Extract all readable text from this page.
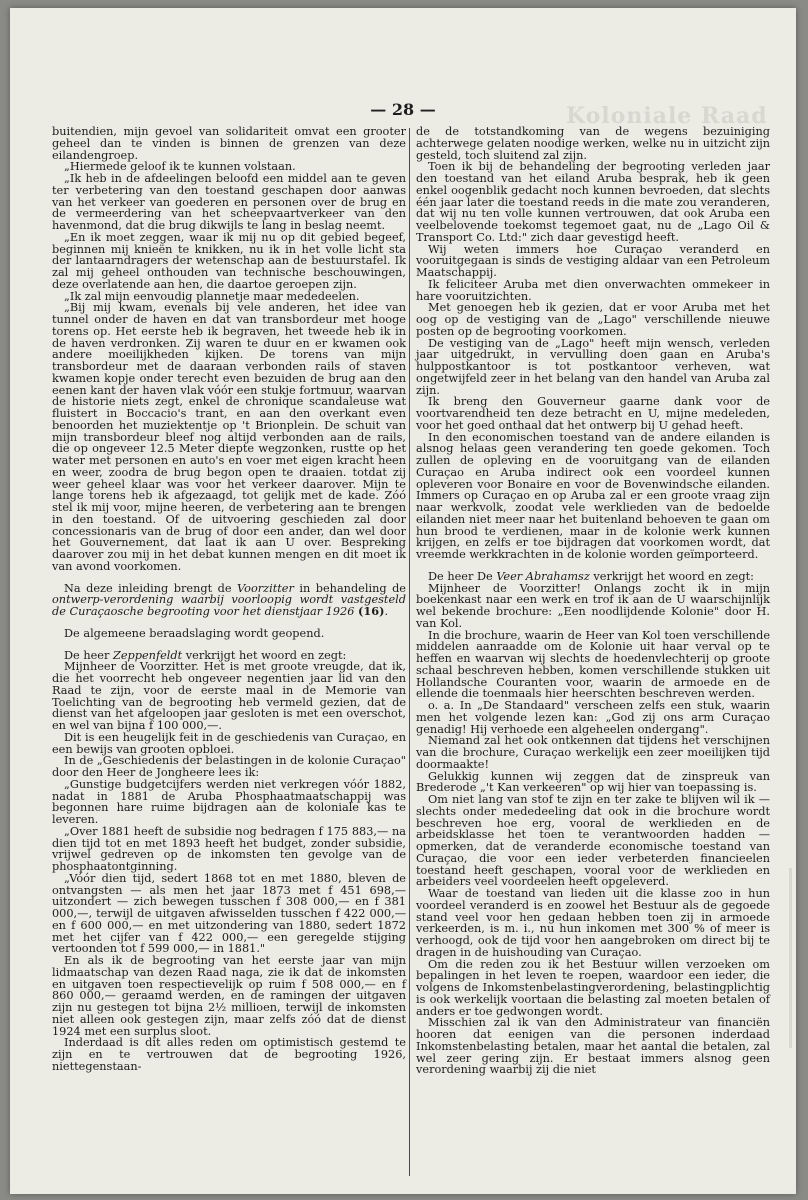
Koloniale Raad
— 28 —

buitendien, mijn gevoel van solidariteit omvat een grooter geheel dan te vinden is binnen de grenzen van deze eilandengroep.

„Hiermede geloof ik te kunnen volstaan.

„Ik heb in de afdeelingen beloofd een middel aan te geven ter verbetering van den toestand geschapen door aanwas van het verkeer van goederen en personen over de brug en de vermeerdering van het scheepvaartverkeer van den havenmond, dat die brug dikwijls te lang in beslag neemt.

„En ik moet zeggen, waar ik mij nu op dit gebied begeef, beginnen mij knieën te knikken, nu ik in het volle licht sta der lantaarndragers der wetenschap aan de bestuurstafel. Ik zal mij geheel onthouden van technische beschouwingen, deze overlatende aan hen, die daartoe geroepen zijn.

„Ik zal mijn eenvoudig plannetje maar mededeelen.

„Bij mij kwam, evenals bij vele anderen, het idee van tunnel onder de haven en dat van transbordeur met hooge torens op. Het eerste heb ik begraven, het tweede heb ik in de haven verdronken. Zij waren te duur en er kwamen ook andere moeilijkheden kijken. De torens van mijn transbordeur met de daaraan verbonden rails of staven kwamen kopje onder terecht even bezuiden de brug aan den eenen kant der haven vlak vóór een stukje fortmuur, waarvan de historie niets zegt, enkel de chronique scandaleuse wat fluistert in Boccacio's trant, en aan den overkant even benoorden het muziektentje op 't Brionplein. De schuit van mijn transbordeur bleef nog altijd verbonden aan de rails, die op ongeveer 12.5 Meter diepte wegzonken, rustte op het water met personen en auto's en voer met eigen kracht heen en weer, zoodra de brug begon open te draaien. totdat zij weer geheel klaar was voor het verkeer daarover. Mijn te lange torens heb ik afgezaagd, tot gelijk met de kade. Zóó stel ik mij voor, mijne heeren, de verbetering aan te brengen in den toestand. Of de uitvoering geschieden zal door concessionaris van de brug of door een ander, dan wel door het Gouvernement, dat laat ik aan U over. Bespreking daarover zou mij in het debat kunnen mengen en dit moet ik van avond voorkomen.

Na deze inleiding brengt de Voorzitter in behandeling de ontwerp-verordening waarbij voorloopig wordt vastgesteld de Curaçaosche begrooting voor het dienstjaar 1926 (16).

De algemeene beraadslaging wordt geopend.

De heer Zeppenfeldt verkrijgt het woord en zegt:

Mijnheer de Voorzitter. Het is met groote vreugde, dat ik, die het voorrecht heb ongeveer negentien jaar lid van den Raad te zijn, voor de eerste maal in de Memorie van Toelichting van de begrooting heb vermeld gezien, dat de dienst van het afgeloopen jaar gesloten is met een overschot, en wel van bijna f 100 000,—.

Dit is een heugelijk feit in de geschiedenis van Curaçao, en een bewijs van grooten opbloei.

In de „Geschiedenis der belastingen in de kolonie Curaçao" door den Heer de Jongheere lees ik:

„Gunstige budgetcijfers werden niet verkregen vóór 1882, nadat in 1881 de Aruba Phosphaatmaatschappij was begonnen hare ruime bijdragen aan de koloniale kas te leveren.

„Over 1881 heeft de subsidie nog bedragen f 175 883,— na dien tijd tot en met 1893 heeft het budget, zonder subsidie, vrijwel gedreven op de inkomsten ten gevolge van de phosphaatontginning.

„Vóór dien tijd, sedert 1868 tot en met 1880, bleven de ontvangsten — als men het jaar 1873 met f 451 698,— uitzondert — zich bewegen tusschen f 308 000,— en f 381 000,—, terwijl de uitgaven afwisselden tusschen f 422 000,— en f 600 000,— en met uitzondering van 1880, sedert 1872 met het cijfer van f 422 000,— een geregelde stijging vertoonden tot f 599 000,— in 1881."

En als ik de begrooting van het eerste jaar van mijn lidmaatschap van dezen Raad naga, zie ik dat de inkomsten en uitgaven toen respectievelijk op ruim f 508 000,— en f 860 000,— geraamd werden, en de ramingen der uitgaven zijn nu gestegen tot bijna 2½ millioen, terwijl de inkomsten niet alleen ook gestegen zijn, maar zelfs zóó dat de dienst 1924 met een surplus sloot.

Inderdaad is dit alles reden om optimistisch gestemd te zijn en te vertrouwen dat de begrooting 1926, niettegenstaan-

de de totstandkoming van de wegens bezuiniging achterwege gelaten noodige werken, welke nu in uitzicht zijn gesteld, toch sluitend zal zijn.

Toen ik bij de behandeling der begrooting verleden jaar den toestand van het eiland Aruba besprak, heb ik geen enkel oogenblik gedacht noch kunnen bevroeden, dat slechts één jaar later die toestand reeds in die mate zou veranderen, dat wij nu ten volle kunnen vertrouwen, dat ook Aruba een veelbelovende toekomst tegemoet gaat, nu de „Lago Oil & Transport Co. Ltd:" zich daar gevestigd heeft.

Wij weten immers hoe Curaçao veranderd en vooruitgegaan is sinds de vestiging aldaar van een Petroleum Maatschappij.

Ik feliciteer Aruba met dien onverwachten ommekeer in hare vooruitzichten.

Met genoegen heb ik gezien, dat er voor Aruba met het oog op de vestiging van de „Lago" verschillende nieuwe posten op de begrooting voorkomen.

De vestiging van de „Lago" heeft mijn wensch, verleden jaar uitgedrukt, in vervulling doen gaan en Aruba's hulppostkantoor is tot postkantoor verheven, wat ongetwijfeld zeer in het belang van den handel van Aruba zal zijn.

Ik breng den Gouverneur gaarne dank voor de voortvarendheid ten deze betracht en U, mijne medeleden, voor het goed onthaal dat het ontwerp bij U gehad heeft.

In den economischen toestand van de andere eilanden is alsnog helaas geen verandering ten goede gekomen. Toch zullen de opleving en de vooruitgang van de eilanden Curaçao en Aruba indirect ook een voordeel kunnen opleveren voor Bonaire en voor de Bovenwindsche eilanden. Immers op Curaçao en op Aruba zal er een groote vraag zijn naar werkvolk, zoodat vele werklieden van de bedoelde eilanden niet meer naar het buitenland behoeven te gaan om hun brood te verdienen, maar in de kolonie werk kunnen krijgen, en zelfs er toe bijdragen dat voorkomen wordt, dat vreemde werkkrachten in de kolonie worden geïmporteerd.

De heer De Veer Abrahamsz verkrijgt het woord en zegt:

Mijnheer de Voorzitter! Onlangs zocht ik in mijn boekenkast naar een werk en trof ik aan de U waarschijnlijk wel bekende brochure: „Een noodlijdende Kolonie" door H. van Kol.

In die brochure, waarin de Heer van Kol toen verschillende middelen aanraadde om de Kolonie uit haar verval op te heffen en waarvan wij slechts de hoedenvlechterij op groote schaal beschreven hebben, komen verschillende stukken uit Hollandsche Couranten voor, waarin de armoede en de ellende die toenmaals hier heerschten beschreven werden.

o. a. In „De Standaard" verscheen zelfs een stuk, waarin men het volgende lezen kan: „God zij ons arm Curaçao genadig! Hij verhoede een algeheelen ondergang".

Niemand zal het ook ontkennen dat tijdens het verschijnen van die brochure, Curaçao werkelijk een zeer moeilijken tijd doormaakte!

Gelukkig kunnen wij zeggen dat de zinspreuk van Brederode „'t Kan verkeeren" op wij hier van toepassing is.

Om niet lang van stof te zijn en ter zake te blijven wil ik — slechts onder mededeeling dat ook in die brochure wordt beschreven hoe erg, vooral de werklieden en de arbeidsklasse het toen te verantwoorden hadden — opmerken, dat de veranderde economische toestand van Curaçao, die voor een ieder verbeterden financieelen toestand heeft geschapen, vooral voor de werklieden en arbeiders veel voordeelen heeft opgeleverd.

Waar de toestand van lieden uit die klasse zoo in hun voordeel veranderd is en zoowel het Bestuur als de gegoede stand veel voor hen gedaan hebben toen zij in armoede verkeerden, is m. i., nu hun inkomen met 300 % of meer is verhoogd, ook de tijd voor hen aangebroken om direct bij te dragen in de huishouding van Curaçao.

Om die reden zou ik het Bestuur willen verzoeken om bepalingen in het leven te roepen, waardoor een ieder, die volgens de Inkomstenbelastingverordening, belastingplichtig is ook werkelijk voortaan die belasting zal moeten betalen of anders er toe gedwongen wordt.

Misschien zal ik van den Administrateur van financiën hooren dat eenigen van die personen inderdaad Inkomstenbelasting betalen, maar het aantal die betalen, zal wel zeer gering zijn. Er bestaat immers alsnog geen verordening waarbij zij die niet
